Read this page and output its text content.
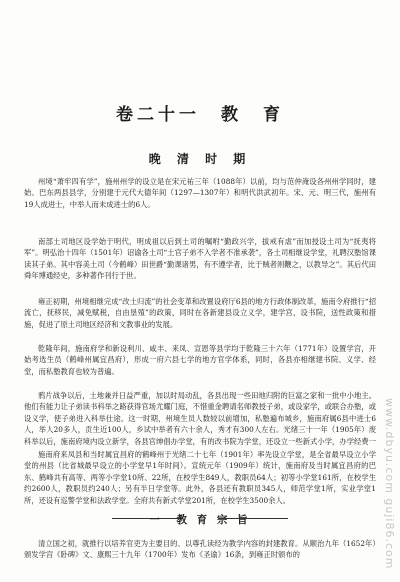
卷二十一　教　育
晚 清 时 期
州境“萧牢四有学”，施州州学的设立是在宋元祐三年（1088年）以前，均与范仲淹设各州州学同时，建始、巴东两县县学，分别建于元代大德年间（1297—1307年）和明代洪武初年。宋、元、明三代，施州有19人成进士，中举人而未成进士的6人。
南部土司地区设学始于明代，明成祖以后到土司的嘱咐“勤政兴学，拔戒有虐”而加授设土司为“抚夷将军”。明弘治十四年（1501年）诏谕各土司“土官子弟不入学者不准承袭”，各土司相继设学堂，礼聘汉塾馆课读其子弟。其中容美土司（今鹤峰）田世爵“勤课诸男，有不遵学者，比于贼者则鞭之，以教导之”。其后代田舜年博通经史，多种著作刊行于世。
雍正初期，州境相继完成“改土归流”的社会变革和改置设府厅6县的地方行政体制改革，施南令府推行“招流亡，抚移民，减免赋税，自由垦殖”的政策，同时在各新建县设立义学，建学宫，设书院，送性政策和措施，促进了原土司地区经济和文教事业的发展。
乾隆年间，施南府学和新设利川、咸丰、来凤、宣恩等县学均于乾隆三十六年（1771年）设置学宫，开始考选生员（鹤峰州属宜昌府），形成一府六县七学的地方官学体系，同时，各县亦相继建书院、义学、经堂，而私塾教育也较为普遍。
鸦片战争以后，土地兼并日益严重，加以时局动乱，各县出现一些田地归附的巨富之家和一批中小地主。他们有能力让子弟读书科举之路获得官场尤耀门庭，不惜重金聘请名师教授子弟，或设家学，或联合办塾，或设义学，使子弟进入科举仕途。这一时期，州境生员人数较以前增加，私塾遍布城乡，施南府属6县中进士6人，举人20多人，贡生近100人，乡试中举者有六十余人，秀才有300人左右。光绪三十一年（1905年）废科举以后，施南府境内设立新学，各县官绅倡办学堂，有的改书院为学堂，还设立一些新式小学，办学经费一
施南府来凤县和当时属宜昌府的鹤峰州于光绪二十七年（1901年）率先设立学堂，是全省最早设立小学堂的州县（比省城最早设立的小学堂早1年时间）。宣统元年（1909年）统计，施南府及当时属宜昌府的巴东、鹤峰共有高等、两等小学堂10所、22所，在校学生849人，教职员64人；初等小学堂161所，在校学生约2600人，教职员约240人；另有半日学堂等。此外，各县还有教职员345人，师范学堂1所，实业学堂1所，还设有巡警学堂和法政学堂。全府共有新式学堂201所，在校学生3500余人。
一　教 育 宗 旨
清立国之初，就推行以培养官吏为主要目的、以尊孔读经为教学内容的封建教育。从顺治九年（1652年）颁发学宫《卧碑》文、康熙三十九年（1700年）发布《圣谕》16条，到雍正时颁布的	www.dbyu.com guji86.com
